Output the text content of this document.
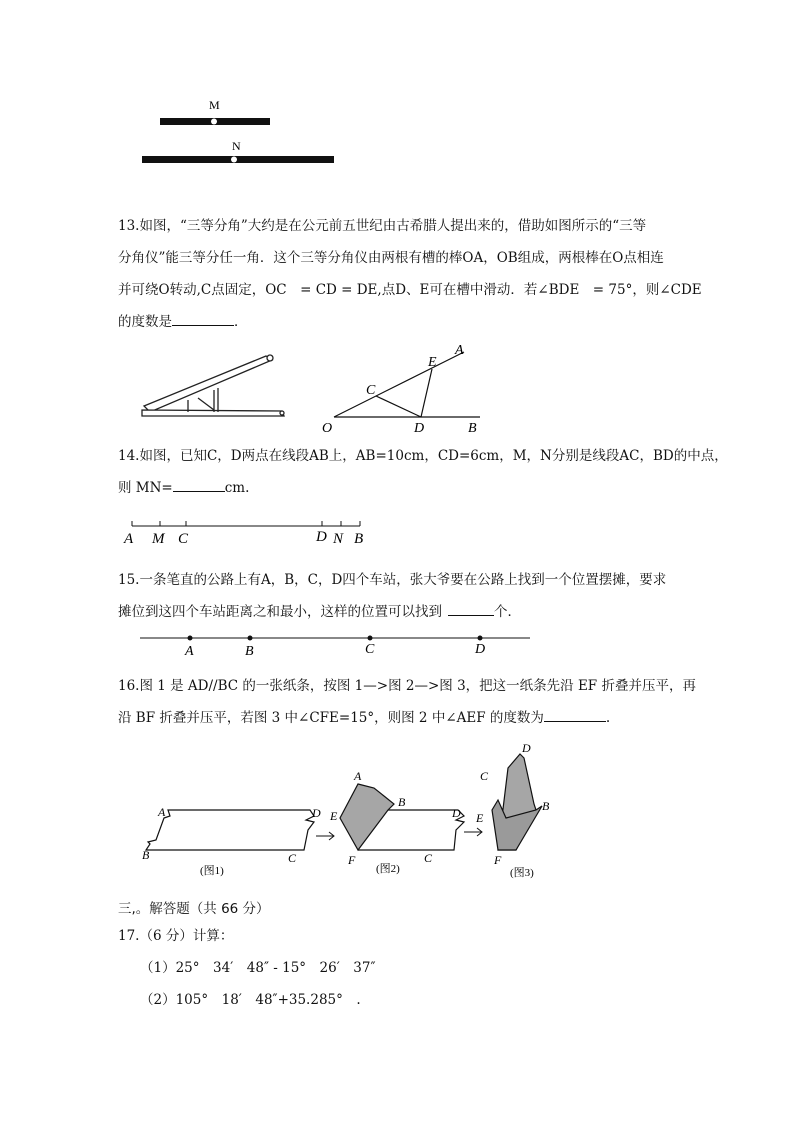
M
N
13.如图，“三等分角”大约是在公元前五世纪由古希腊人提出来的，借助如图所示的“三等
分角仪”能三等分任一角．这个三等分角仪由两根有槽的棒OA，OB组成，两根棒在O点相连
并可绕O转动,C点固定，OC　= CD = DE,点D、E可在槽中滑动．若∠BDE　= 75°，则∠CDE
的度数是	．
A
E
C
O	D	B
14.如图，已知C，D两点在线段AB上，AB=10cm，CD=6cm，M，N分别是线段AC，BD的中点，
则 MN=	cm.
A M C	D N B
15.一条笔直的公路上有A，B，C，D四个车站，张大爷要在公路上找到一个位置摆摊，要求
摊位到这四个车站距离之和最小，这样的位置可以找到	个．
A	B	C	D
16.图 1 是 AD//BC 的一张纸条，按图 1—>图 2—>图 3，把这一纸条先沿 EF 折叠并压平，再
沿 BF 折叠并压平，若图 3 中∠CFE=15°，则图 2 中∠AEF 的度数为	.
A
B	C
D
(图1)
A
B
E
F	C
D
(图2)
D
C
B
E
F
(图3)
三,。解答题（共 66 分）
17.（6 分）计算：
（1）25°　34′　48″ - 15°　26′　37″
（2）105°　18′　48″+35.285°　.
